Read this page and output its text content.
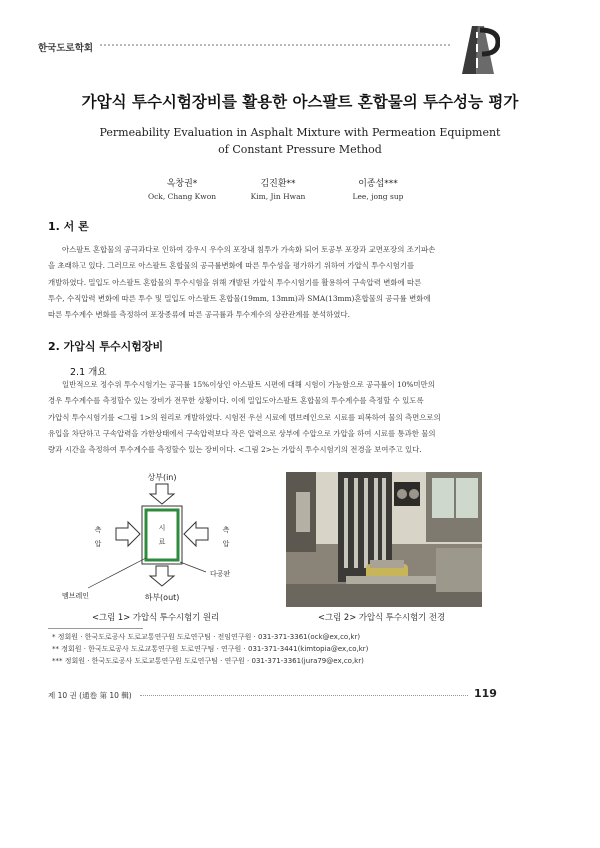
한국도로학회
가압식 투수시험장비를 활용한 아스팔트 혼합물의 투수성능 평가
Permeability Evaluation in Asphalt Mixture with Permeation Equipment
of Constant Pressure Method
옥창권*
Ock, Chang Kwon
김진환**
Kim, Jin Hwan
이종섭***
Lee, jong sup
1. 서 론
아스팔트 혼합물의 공극과다로 인하여 강우시 우수의 포장내 침투가 가속화 되어 토공부 포장과 교면포장의 조기파손
을 초래하고 있다. 그러므로 아스팔트 혼합물의 공극률변화에 따른 투수성을 평가하기 위하여 가압식 투수시험기를
개발하였다. 밀입도 아스팔트 혼합물의 투수시험을 위해 개발된 가압식 투수시험기를 활용하여 구속압력 변화에 따른
투수, 수직압력 변화에 따른 투수 및 밀입도 아스팔트 혼합물(19mm, 13mm)과 SMA(13mm)혼합물의 공극률 변화에
따른 투수계수 변화를 측정하여 포장종류에 따른 공극률과 투수계수의 상관관계를 분석하였다.
2. 가압식 투수시험장비
2.1 개요
일반적으로 정수위 투수시험기는 공극률 15%이상인 아스팔트 시편에 대해 시험이 가능함으로 공극률이 10%미만의
경우 투수계수를 측정할수 있는 장비가 전무한 상황이다. 이에 밀입도아스팔트 혼합물의 투수계수를 측정할 수 있도록
가압식 투수시험기를 <그림 1>의 원리로 개발하였다. 시험전 우선 시료에 멤브레인으로 시료를 피복하여 물의 측면으로의
유입을 차단하고 구속압력을 가한상태에서 구속압력보다 작은 압력으로 상부에 수압으로 가압을 하여 시료를 통과한 물의
량과 시간을 측정하여 투수계수를 측정할수 있는 장비이다. <그림 2>는 가압식 투수시험기의 전경을 보여주고 있다.
상부(in)
시
료
측
압
측
압
하부(out)
다공판
멤브레인
<그림 1> 가압식 투수시험기 원리	<그림 2> 가압식 투수시험기 전경
* 정회원 · 한국도로공사 도로교통연구원 도로연구팀 · 전임연구원 · 031-371-3361(ock@ex,co,kr)
** 정회원 · 한국도로공사 도로교통연구원 도로연구팀 · 연구원 · 031-371-3441(kimtopia@ex,co,kr)
*** 정회원 · 한국도로공사 도로교통연구원 도로연구팀 · 연구원 · 031-371-3361(jura79@ex,co,kr)
제 10 권 (通卷 第 10 輯)	119
